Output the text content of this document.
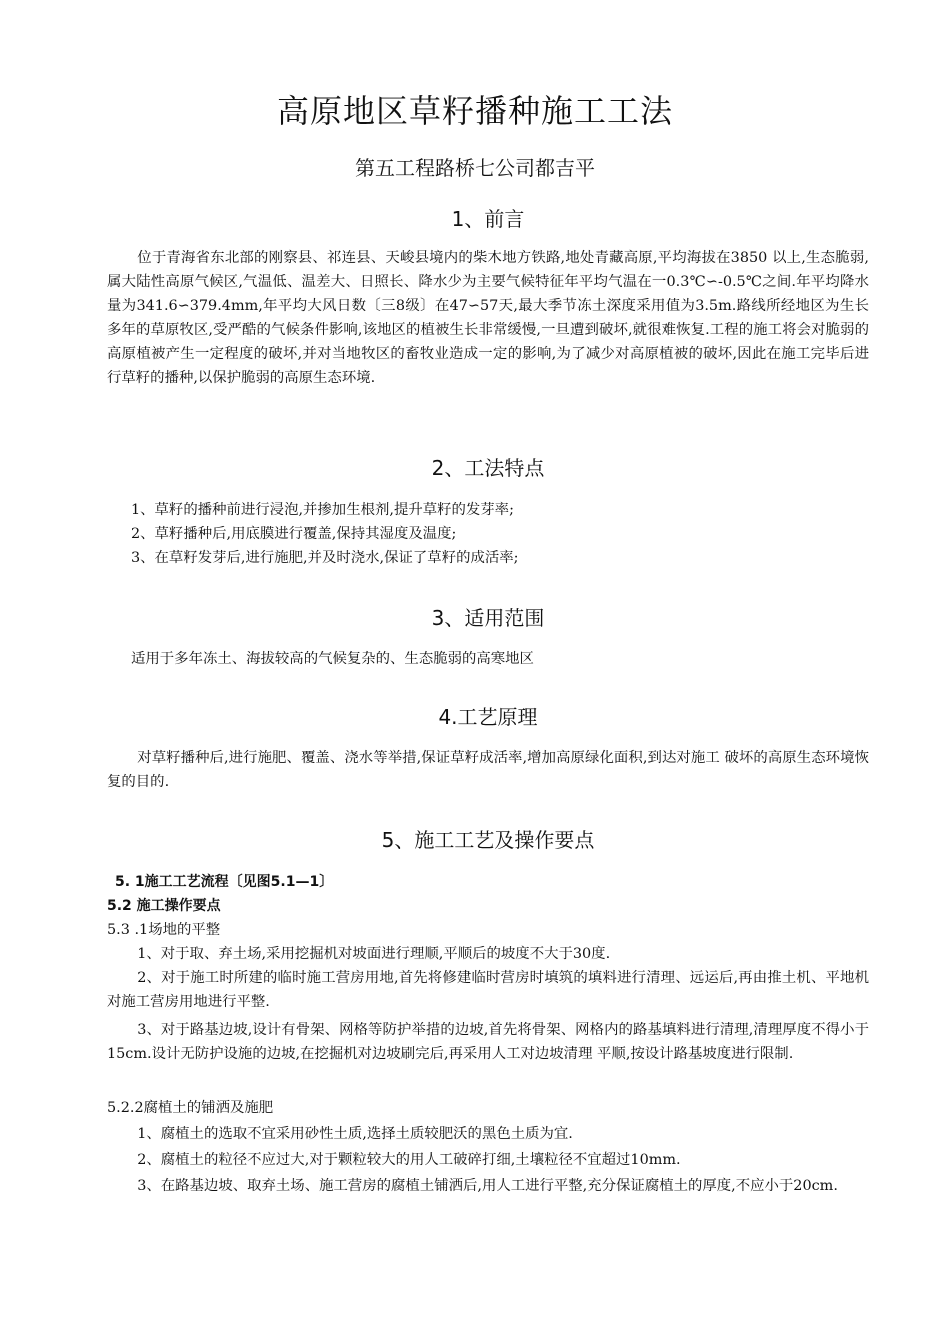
高原地区草籽播种施工工法
第五工程路桥七公司都吉平
1、前言

位于青海省东北部的刚察县、祁连县、天峻县境内的柴木地方铁路,地处青藏高原,平均海拔在3850 以上,生态脆弱,属大陆性高原气候区,气温低、温差大、日照长、降水少为主要气候特征年平均气温在一0.3℃∽-0.5℃之间.年平均降水量为341.6∽379.4mm,年平均大风日数〔三8级〕在47∽57天,最大季节冻土深度采用值为3.5m.路线所经地区为生长多年的草原牧区,受严酷的气候条件影响,该地区的植被生长非常缓慢,一旦遭到破坏,就很难恢复.工程的施工将会对脆弱的高原植被产生一定程度的破坏,并对当地牧区的畜牧业造成一定的影响,为了减少对高原植被的破坏,因此在施工完毕后进行草籽的播种,以保护脆弱的高原生态环境.

2、工法特点

1、草籽的播种前进行浸泡,并掺加生根剂,提升草籽的发芽率;

2、草籽播种后,用底膜进行覆盖,保持其湿度及温度;

3、在草籽发芽后,进行施肥,并及时浇水,保证了草籽的成活率;

3、适用范围

适用于多年冻土、海拔较高的气候复杂的、生态脆弱的高寒地区

4.工艺原理

对草籽播种后,进行施肥、覆盖、浇水等举措,保证草籽成活率,增加高原绿化面积,到达对施工 破坏的高原生态环境恢复的目的.

5、施工工艺及操作要点

5. 1施工工艺流程〔见图5.1—1〕

5.2 施工操作要点

5.3 .1场地的平整

1、对于取、弃土场,采用挖掘机对坡面进行理顺,平顺后的坡度不大于30度.

2、对于施工时所建的临时施工营房用地,首先将修建临时营房时填筑的填料进行清理、远运后,再由推土机、平地机对施工营房用地进行平整.

3、对于路基边坡,设计有骨架、网格等防护举措的边坡,首先将骨架、网格内的路基填料进行清理,清理厚度不得小于15cm.设计无防护设施的边坡,在挖掘机对边坡刷完后,再采用人工对边坡清理 平顺,按设计路基坡度进行限制.

5.2.2腐植土的铺洒及施肥

1、腐植土的选取不宜采用砂性土质,选择土质较肥沃的黑色土质为宜.

2、腐植土的粒径不应过大,对于颗粒较大的用人工破碎打细,土壤粒径不宜超过10mm.

3、在路基边坡、取弃土场、施工营房的腐植土铺洒后,用人工进行平整,充分保证腐植土的厚度,不应小于20cm.
